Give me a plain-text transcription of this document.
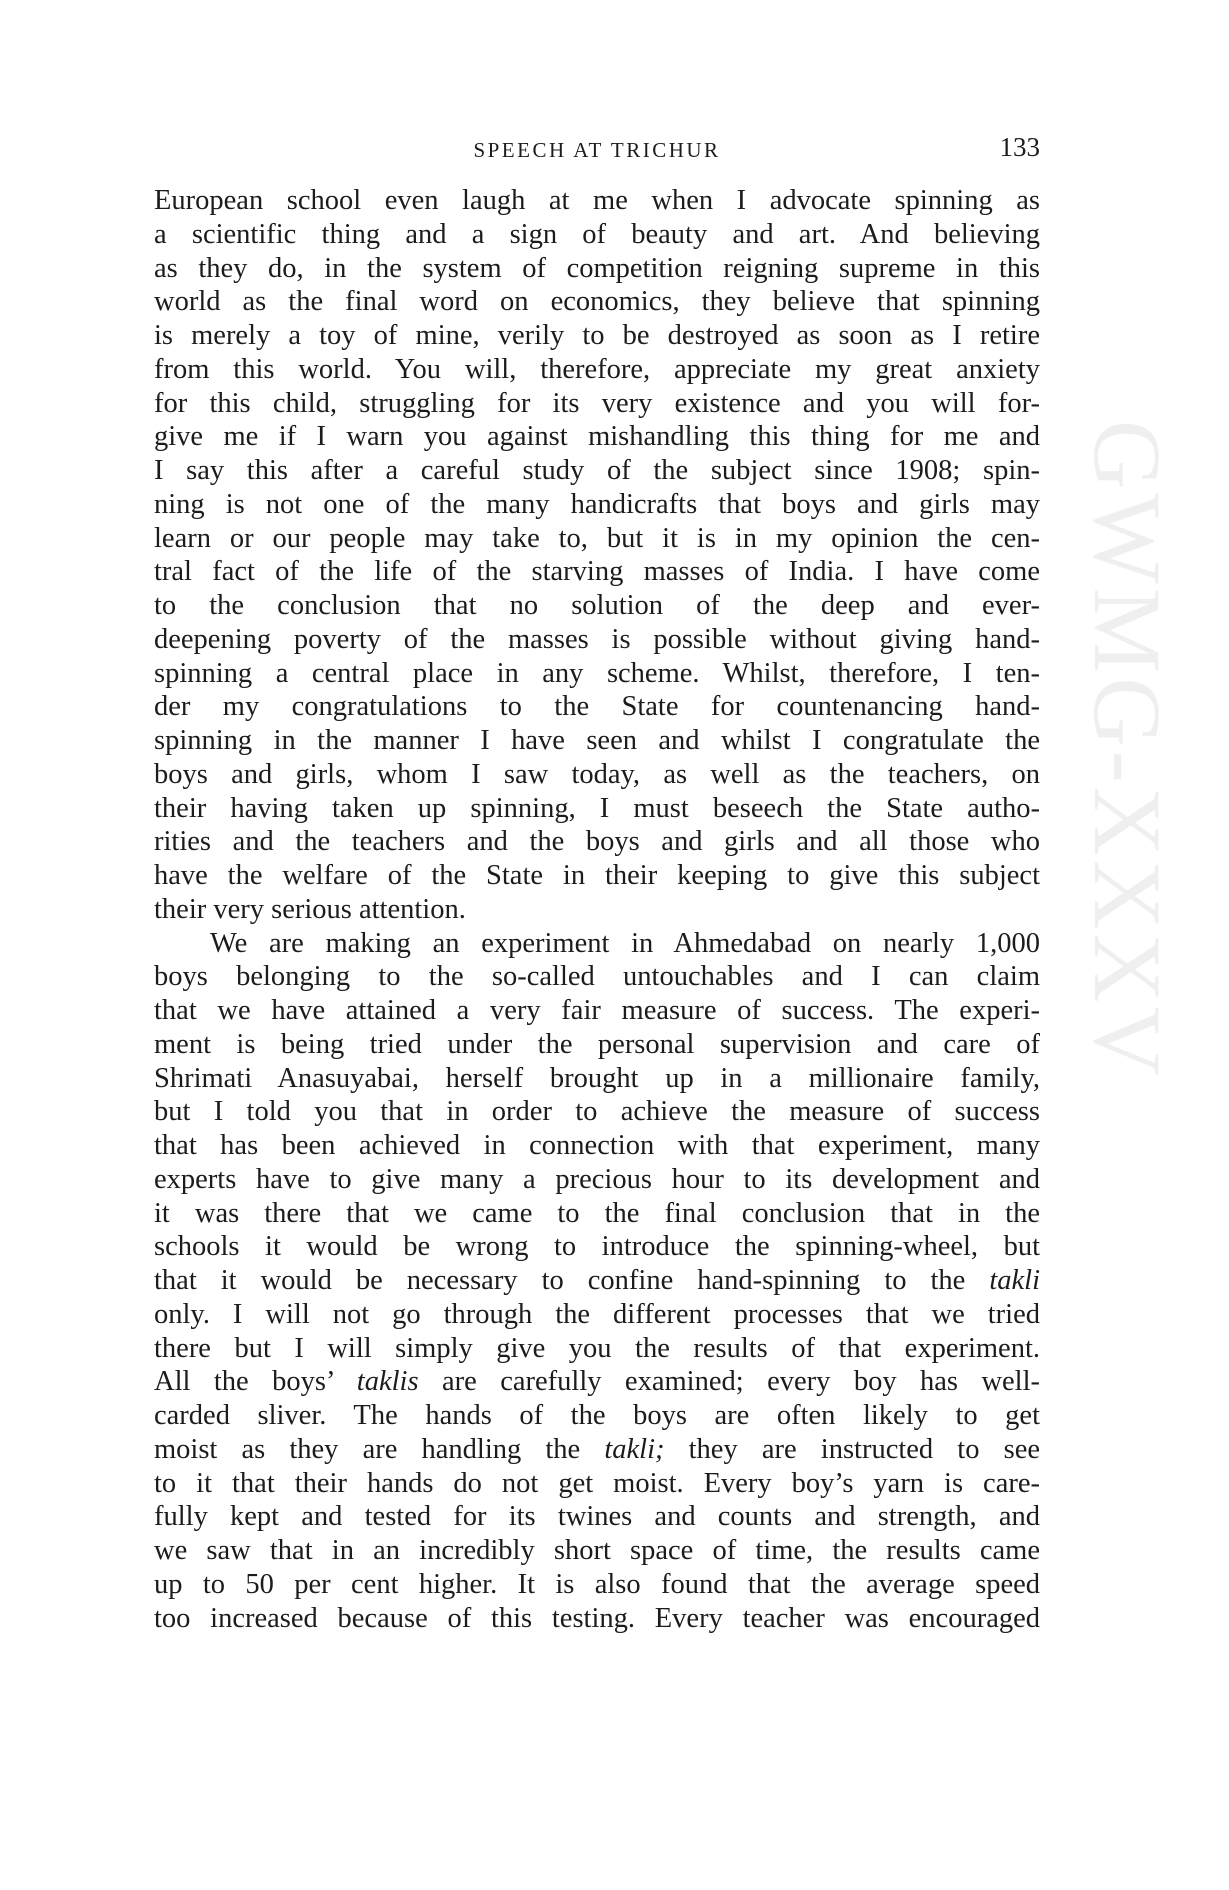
GWMG-XXXV
SPEECH AT TRICHUR	133
European school even laugh at me when I advocate spinning as
a scientific thing and a sign of beauty and art. And believing
as they do, in the system of competition reigning supreme in this
world as the final word on economics, they believe that spinning
is merely a toy of mine, verily to be destroyed as soon as I retire
from this world. You will, therefore, appreciate my great anxiety
for this child, struggling for its very existence and you will for-
give me if I warn you against mishandling this thing for me and
I say this after a careful study of the subject since 1908; spin-
ning is not one of the many handicrafts that boys and girls may
learn or our people may take to, but it is in my opinion the cen-
tral fact of the life of the starving masses of India. I have come
to the conclusion that no solution of the deep and ever-
deepening poverty of the masses is possible without giving hand-
spinning a central place in any scheme. Whilst, therefore, I ten-
der my congratulations to the State for countenancing hand-
spinning in the manner I have seen and whilst I congratulate the
boys and girls, whom I saw today, as well as the teachers, on
their having taken up spinning, I must beseech the State autho-
rities and the teachers and the boys and girls and all those who
have the welfare of the State in their keeping to give this subject
their very serious attention.
We are making an experiment in Ahmedabad on nearly 1,000
boys belonging to the so-called untouchables and I can claim
that we have attained a very fair measure of success. The experi-
ment is being tried under the personal supervision and care of
Shrimati Anasuyabai, herself brought up in a millionaire family,
but I told you that in order to achieve the measure of success
that has been achieved in connection with that experiment, many
experts have to give many a precious hour to its development and
it was there that we came to the final conclusion that in the
schools it would be wrong to introduce the spinning-wheel, but
that it would be necessary to confine hand-spinning to the takli
only. I will not go through the different processes that we tried
there but I will simply give you the results of that experiment.
All the boys’ taklis are carefully examined; every boy has well-
carded sliver. The hands of the boys are often likely to get
moist as they are handling the takli; they are instructed to see
to it that their hands do not get moist. Every boy’s yarn is care-
fully kept and tested for its twines and counts and strength, and
we saw that in an incredibly short space of time, the results came
up to 50 per cent higher. It is also found that the average speed
too increased because of this testing. Every teacher was encouraged
